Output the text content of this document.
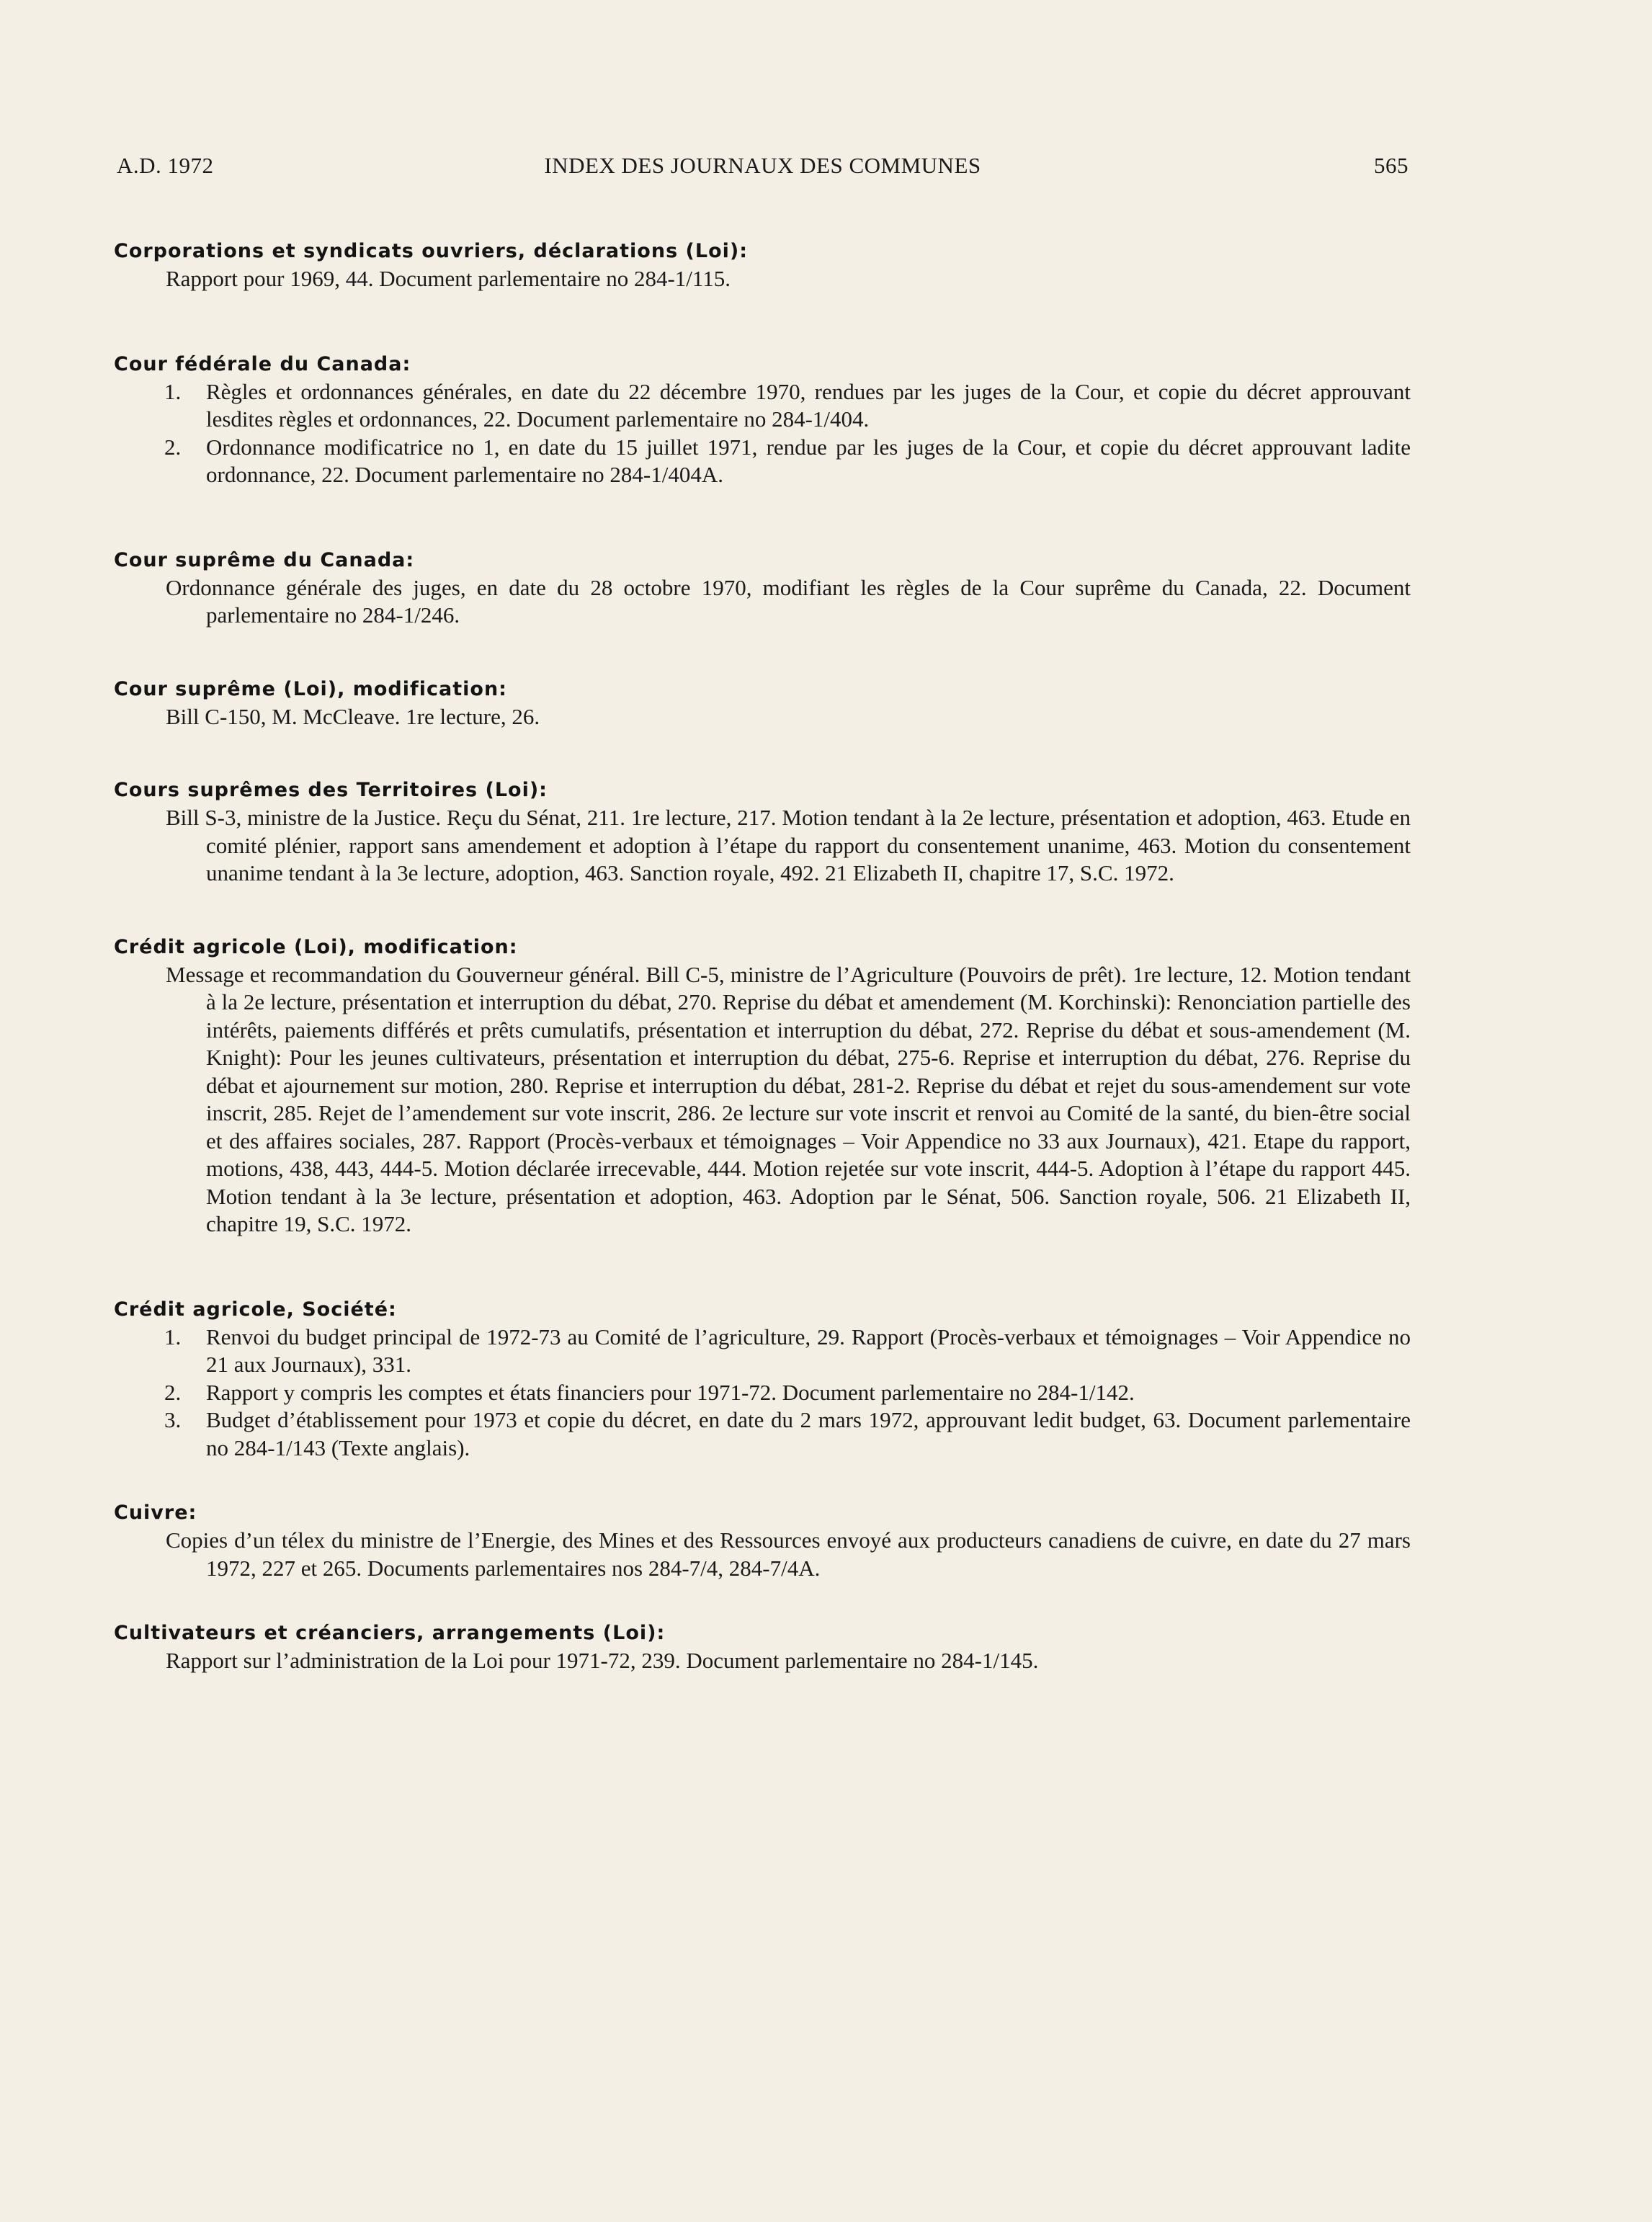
A.D. 1972	INDEX DES JOURNAUX DES COMMUNES	565
Corporations et syndicats ouvriers, déclarations (Loi):
Rapport pour 1969, 44. Document parlementaire no 284-1/115.
Cour fédérale du Canada:
1. Règles et ordonnances générales, en date du 22 décembre 1970, rendues par les juges de la Cour, et copie du décret approuvant lesdites règles et ordonnances, 22. Document parlementaire no 284-1/404.
2. Ordonnance modificatrice no 1, en date du 15 juillet 1971, rendue par les juges de la Cour, et copie du décret approuvant ladite ordonnance, 22. Document parlementaire no 284-1/404A.
Cour suprême du Canada:
Ordonnance générale des juges, en date du 28 octobre 1970, modifiant les règles de la Cour suprême du Canada, 22. Document parlementaire no 284-1/246.
Cour suprême (Loi), modification:
Bill C-150, M. McCleave. 1re lecture, 26.
Cours suprêmes des Territoires (Loi):
Bill S-3, ministre de la Justice. Reçu du Sénat, 211. 1re lecture, 217. Motion tendant à la 2e lecture, présentation et adoption, 463. Etude en comité plénier, rapport sans amendement et adoption à l’étape du rapport du consentement unanime, 463. Motion du consentement unanime tendant à la 3e lecture, adoption, 463. Sanction royale, 492. 21 Elizabeth II, chapitre 17, S.C. 1972.
Crédit agricole (Loi), modification:
Message et recommandation du Gouverneur général. Bill C-5, ministre de l’Agriculture (Pouvoirs de prêt). 1re lecture, 12. Motion tendant à la 2e lecture, présentation et interruption du débat, 270. Reprise du débat et amendement (M. Korchinski): Renonciation partielle des intérêts, paiements différés et prêts cumulatifs, présentation et interruption du débat, 272. Reprise du débat et sous-amendement (M. Knight): Pour les jeunes cultivateurs, présentation et interruption du débat, 275-6. Reprise et interruption du débat, 276. Reprise du débat et ajournement sur motion, 280. Reprise et interruption du débat, 281-2. Reprise du débat et rejet du sous-amendement sur vote inscrit, 285. Rejet de l’amendement sur vote inscrit, 286. 2e lecture sur vote inscrit et renvoi au Comité de la santé, du bien-être social et des affaires sociales, 287. Rapport (Procès-verbaux et témoignages – Voir Appendice no 33 aux Journaux), 421. Etape du rapport, motions, 438, 443, 444-5. Motion déclarée irrecevable, 444. Motion rejetée sur vote inscrit, 444-5. Adoption à l’étape du rapport 445. Motion tendant à la 3e lecture, présentation et adoption, 463. Adoption par le Sénat, 506. Sanction royale, 506. 21 Elizabeth II, chapitre 19, S.C. 1972.
Crédit agricole, Société:
1. Renvoi du budget principal de 1972-73 au Comité de l’agriculture, 29. Rapport (Procès-verbaux et témoignages – Voir Appendice no 21 aux Journaux), 331.
2. Rapport y compris les comptes et états financiers pour 1971-72. Document parlementaire no 284-1/142.
3. Budget d’établissement pour 1973 et copie du décret, en date du 2 mars 1972, approuvant ledit budget, 63. Document parlementaire no 284-1/143 (Texte anglais).
Cuivre:
Copies d’un télex du ministre de l’Energie, des Mines et des Ressources envoyé aux producteurs canadiens de cuivre, en date du 27 mars 1972, 227 et 265. Documents parlementaires nos 284-7/4, 284-7/4A.
Cultivateurs et créanciers, arrangements (Loi):
Rapport sur l’administration de la Loi pour 1971-72, 239. Document parlementaire no 284-1/145.
